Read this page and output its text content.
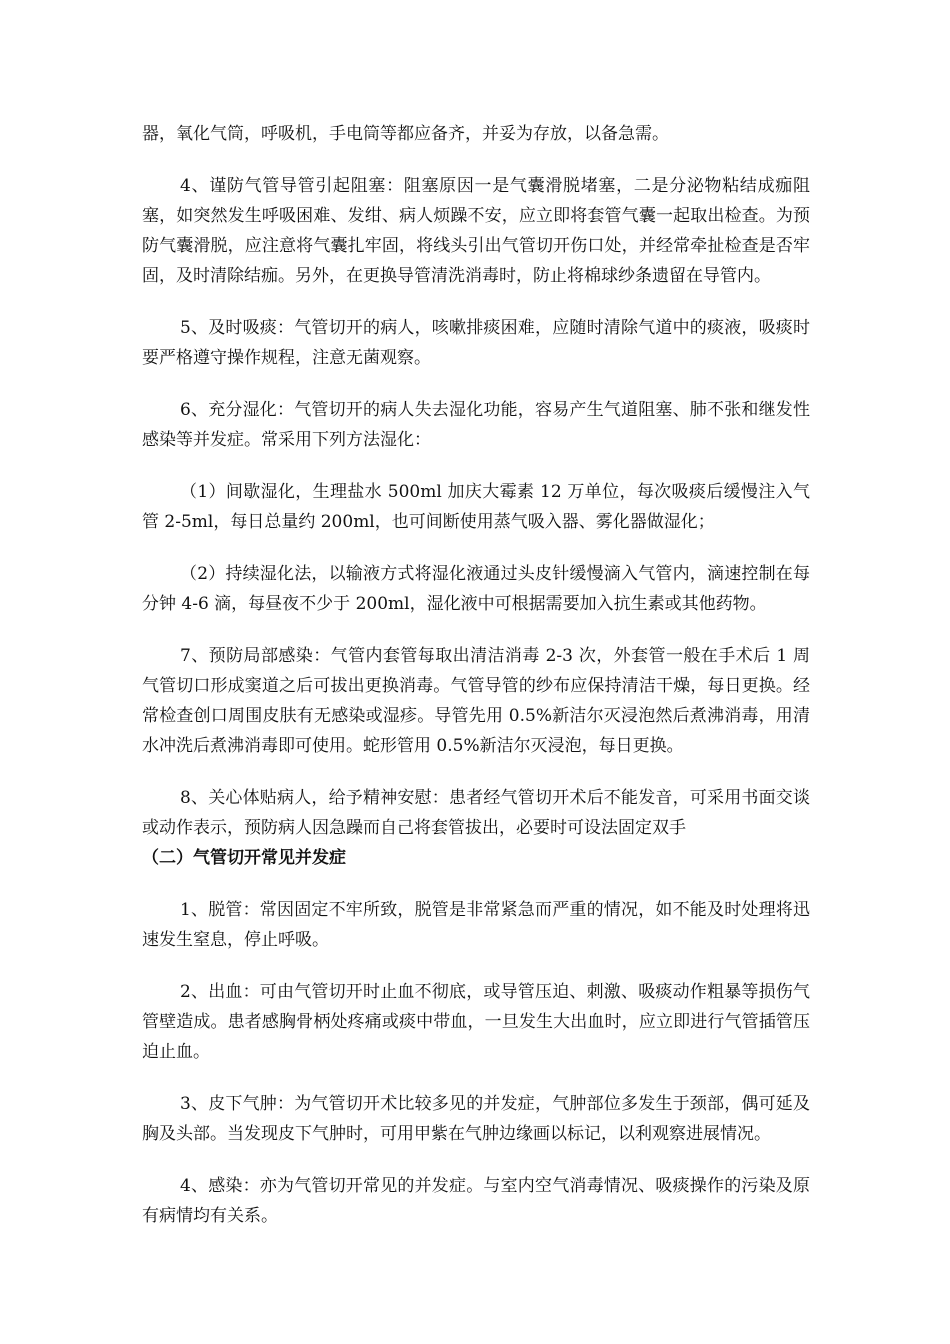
器，氧化气筒，呼吸机，手电筒等都应备齐，并妥为存放，以备急需。

4、谨防气管导管引起阻塞：阻塞原因一是气囊滑脱堵塞，二是分泌物粘结成痂阻塞，如突然发生呼吸困难、发绀、病人烦躁不安，应立即将套管气囊一起取出检查。为预防气囊滑脱，应注意将气囊扎牢固，将线头引出气管切开伤口处，并经常牵扯检查是否牢固，及时清除结痂。另外，在更换导管清洗消毒时，防止将棉球纱条遗留在导管内。

5、及时吸痰：气管切开的病人，咳嗽排痰困难，应随时清除气道中的痰液，吸痰时要严格遵守操作规程，注意无菌观察。

6、充分湿化：气管切开的病人失去湿化功能，容易产生气道阻塞、肺不张和继发性感染等并发症。常采用下列方法湿化：

（1）间歇湿化，生理盐水 500ml 加庆大霉素 12 万单位，每次吸痰后缓慢注入气管 2-5ml，每日总量约 200ml，也可间断使用蒸气吸入器、雾化器做湿化；

（2）持续湿化法，以输液方式将湿化液通过头皮针缓慢滴入气管内，滴速控制在每分钟 4-6 滴，每昼夜不少于 200ml，湿化液中可根据需要加入抗生素或其他药物。

7、预防局部感染：气管内套管每取出清洁消毒 2-3 次，外套管一般在手术后 1 周气管切口形成窦道之后可拔出更换消毒。气管导管的纱布应保持清洁干燥，每日更换。经常检查创口周围皮肤有无感染或湿疹。导管先用 0.5%新洁尔灭浸泡然后煮沸消毒，用清水冲洗后煮沸消毒即可使用。蛇形管用 0.5%新洁尔灭浸泡，每日更换。

8、关心体贴病人，给予精神安慰：患者经气管切开术后不能发音，可采用书面交谈或动作表示，预防病人因急躁而自己将套管拔出，必要时可设法固定双手

（二）气管切开常见并发症

1、脱管：常因固定不牢所致，脱管是非常紧急而严重的情况，如不能及时处理将迅速发生窒息，停止呼吸。

2、出血：可由气管切开时止血不彻底，或导管压迫、刺激、吸痰动作粗暴等损伤气管壁造成。患者感胸骨柄处疼痛或痰中带血，一旦发生大出血时，应立即进行气管插管压迫止血。

3、皮下气肿：为气管切开术比较多见的并发症，气肿部位多发生于颈部，偶可延及胸及头部。当发现皮下气肿时，可用甲紫在气肿边缘画以标记，以利观察进展情况。

4、感染：亦为气管切开常见的并发症。与室内空气消毒情况、吸痰操作的污染及原有病情均有关系。
